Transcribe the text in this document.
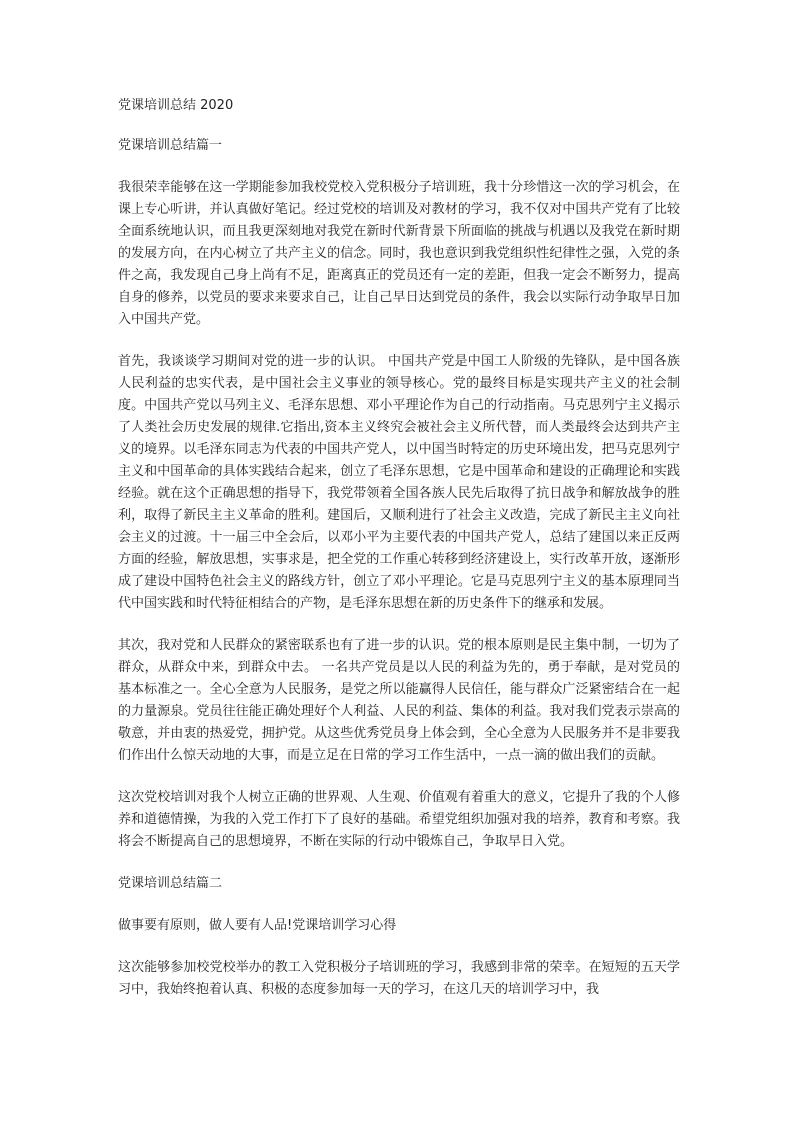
党课培训总结 2020
党课培训总结篇一

我很荣幸能够在这一学期能参加我校党校入党积极分子培训班，我十分珍惜这一次的学习机会，在课上专心听讲，并认真做好笔记。经过党校的培训及对教材的学习，我不仅对中国共产党有了比较全面系统地认识，而且我更深刻地对我党在新时代新背景下所面临的挑战与机遇以及我党在新时期的发展方向，在内心树立了共产主义的信念。同时，我也意识到我党组织性纪律性之强，入党的条件之高，我发现自己身上尚有不足，距离真正的党员还有一定的差距，但我一定会不断努力，提高自身的修养，以党员的要求来要求自己，让自己早日达到党员的条件，我会以实际行动争取早日加入中国共产党。

首先，我谈谈学习期间对党的进一步的认识。 中国共产党是中国工人阶级的先锋队，是中国各族人民利益的忠实代表，是中国社会主义事业的领导核心。党的最终目标是实现共产主义的社会制度。中国共产党以马列主义、毛泽东思想、邓小平理论作为自己的行动指南。马克思列宁主义揭示了人类社会历史发展的规律.它指出,资本主义终究会被社会主义所代替，而人类最终会达到共产主义的境界。以毛泽东同志为代表的中国共产党人，以中国当时特定的历史环境出发，把马克思列宁主义和中国革命的具体实践结合起来，创立了毛泽东思想，它是中国革命和建设的正确理论和实践经验。就在这个正确思想的指导下，我党带领着全国各族人民先后取得了抗日战争和解放战争的胜利，取得了新民主主义革命的胜利。建国后，又顺利进行了社会主义改造，完成了新民主主义向社会主义的过渡。十一届三中全会后，以邓小平为主要代表的中国共产党人，总结了建国以来正反两方面的经验，解放思想，实事求是，把全党的工作重心转移到经济建设上，实行改革开放，逐渐形成了建设中国特色社会主义的路线方针，创立了邓小平理论。它是马克思列宁主义的基本原理同当代中国实践和时代特征相结合的产物，是毛泽东思想在新的历史条件下的继承和发展。

其次，我对党和人民群众的紧密联系也有了进一步的认识。党的根本原则是民主集中制，一切为了群众，从群众中来，到群众中去。 一名共产党员是以人民的利益为先的，勇于奉献，是对党员的基本标准之一。全心全意为人民服务，是党之所以能赢得人民信任，能与群众广泛紧密结合在一起的力量源泉。党员往往能正确处理好个人利益、人民的利益、集体的利益。我对我们党表示崇高的敬意，并由衷的热爱党，拥护党。从这些优秀党员身上体会到，全心全意为人民服务并不是非要我们作出什么惊天动地的大事，而是立足在日常的学习工作生活中，一点一滴的做出我们的贡献。

这次党校培训对我个人树立正确的世界观、人生观、价值观有着重大的意义，它提升了我的个人修养和道德情操，为我的入党工作打下了良好的基础。希望党组织加强对我的培养，教育和考察。我将会不断提高自己的思想境界，不断在实际的行动中锻炼自己，争取早日入党。

党课培训总结篇二
做事要有原则，做人要有人品!党课培训学习心得

这次能够参加校党校举办的教工入党积极分子培训班的学习，我感到非常的荣幸。在短短的五天学习中，我始终抱着认真、积极的态度参加每一天的学习，在这几天的培训学习中，我
